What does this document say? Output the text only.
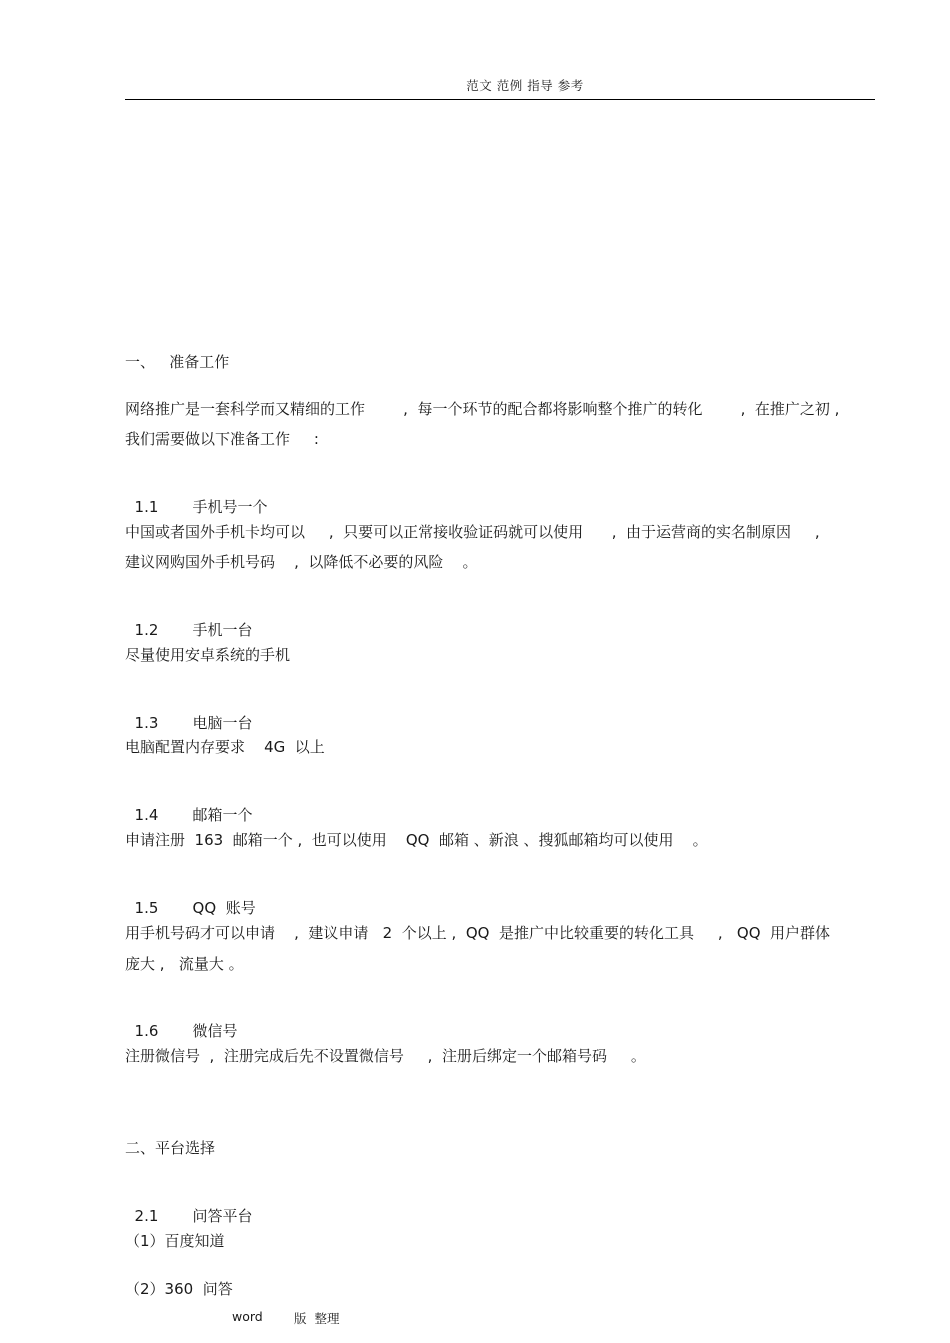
范文 范例 指导 参考
一、   准备工作
网络推广是一套科学而又精细的工作        ,  每一个环节的配合都将影响整个推广的转化        ,  在推广之初 ,
我们需要做以下准备工作     :

1.1 手机号一个

中国或者国外手机卡均可以     ,  只要可以正常接收验证码就可以使用      ,  由于运营商的实名制原因     ,
建议网购国外手机号码    ,  以降低不必要的风险    。

1.2 手机一台

尽量使用安卓系统的手机

1.3 电脑一台

电脑配置内存要求    4G  以上

1.4 邮箱一个

申请注册  163  邮箱一个 ,  也可以使用    QQ  邮箱 、新浪 、搜狐邮箱均可以使用    。

1.5 QQ  账号

用手机号码才可以申请    ,  建议申请   2  个以上 ,  QQ  是推广中比较重要的转化工具     ,   QQ  用户群体
庞大 ,   流量大 。

1.6 微信号

注册微信号  ,  注册完成后先不设置微信号     ,  注册后绑定一个邮箱号码     。
二、平台选择

2.1 问答平台

（1）百度知道
（2）360  问答
word	版  整理
